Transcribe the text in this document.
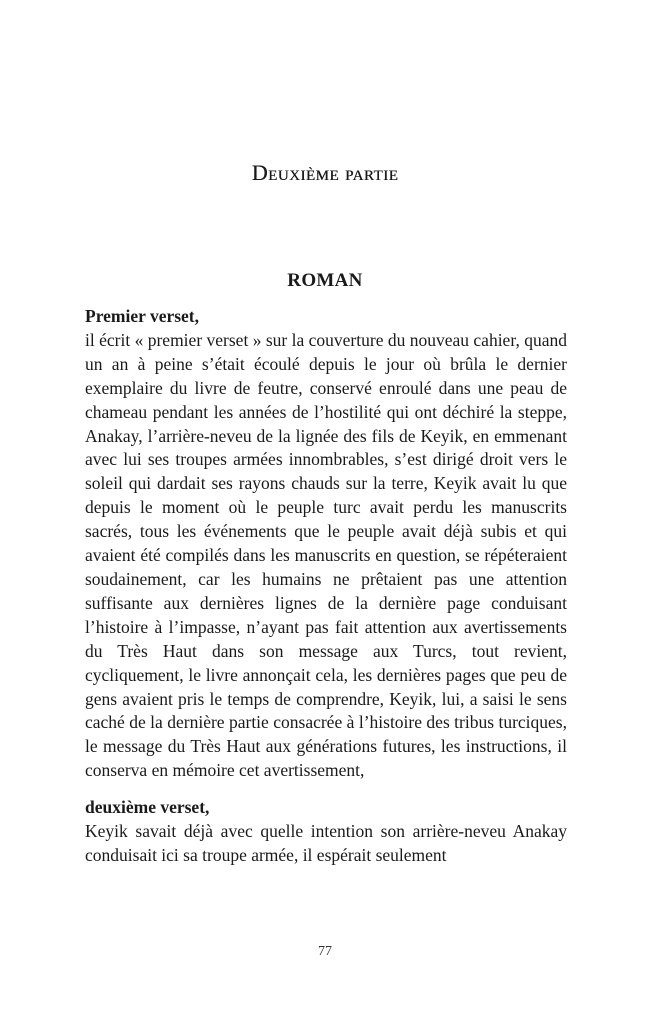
Deuxième partie
ROMAN

Premier verset,

il écrit « premier verset » sur la couverture du nouveau cahier, quand un an à peine s’était écoulé depuis le jour où brûla le dernier exemplaire du livre de feutre, conservé enroulé dans une peau de chameau pendant les années de l’hostilité qui ont déchiré la steppe, Anakay, l’arrière-neveu de la lignée des fils de Keyik, en emmenant avec lui ses troupes armées innombrables, s’est dirigé droit vers le soleil qui dardait ses rayons chauds sur la terre, Keyik avait lu que depuis le moment où le peuple turc avait perdu les manuscrits sacrés, tous les événements que le peuple avait déjà subis et qui avaient été compilés dans les manuscrits en question, se répéteraient soudainement, car les humains ne prêtaient pas une attention suffisante aux dernières lignes de la dernière page conduisant l’histoire à l’impasse, n’ayant pas fait attention aux avertissements du Très Haut dans son message aux Turcs, tout revient, cycliquement, le livre annonçait cela, les dernières pages que peu de gens avaient pris le temps de comprendre, Keyik, lui, a saisi le sens caché de la dernière partie consacrée à l’histoire des tribus turciques, le message du Très Haut aux générations futures, les instructions, il conserva en mémoire cet avertissement,

deuxième verset,

Keyik savait déjà avec quelle intention son arrière-neveu Anakay conduisait ici sa troupe armée, il espérait seulement

77
